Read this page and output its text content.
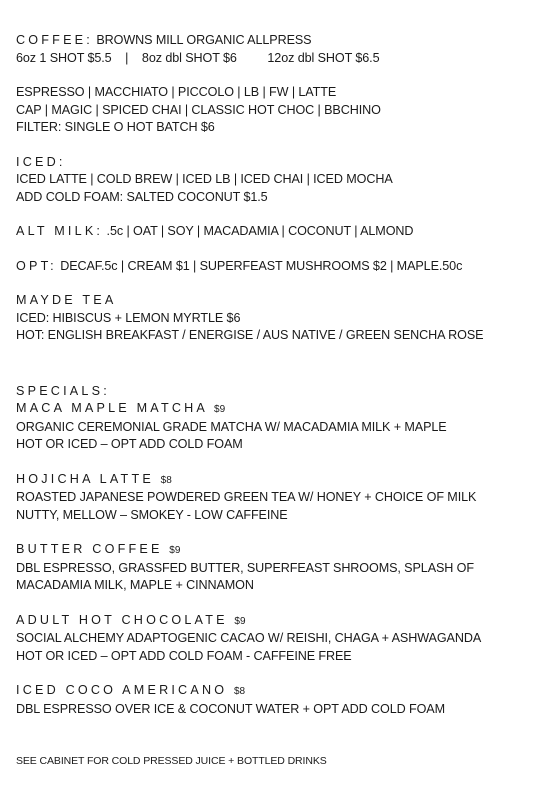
COFFEE: BROWNS MILL ORGANIC ALLPRESS
6oz 1 SHOT $5.5    |    8oz dbl SHOT $6         12oz dbl SHOT $6.5
ESPRESSO | MACCHIATO | PICCOLO | LB | FW | LATTE
CAP | MAGIC | SPICED CHAI | CLASSIC HOT CHOC | BBCHINO
FILTER: SINGLE O HOT BATCH $6
ICED:
ICED LATTE | COLD BREW | ICED LB | ICED CHAI | ICED MOCHA
ADD COLD FOAM: SALTED COCONUT $1.5
ALT MILK: .5c | OAT | SOY | MACADAMIA | COCONUT | ALMOND
OPT: DECAF.5c | CREAM $1 | SUPERFEAST MUSHROOMS $2 | MAPLE.50c
MAYDE TEA
ICED: HIBISCUS + LEMON MYRTLE $6
HOT: ENGLISH BREAKFAST / ENERGISE / AUS NATIVE / GREEN SENCHA ROSE
SPECIALS:
MACA MAPLE MATCHA $9
ORGANIC CEREMONIAL GRADE MATCHA W/ MACADAMIA MILK + MAPLE
HOT OR ICED – OPT ADD COLD FOAM
HOJICHA LATTE $8
ROASTED JAPANESE POWDERED GREEN TEA W/ HONEY + CHOICE OF MILK
NUTTY, MELLOW – SMOKEY - LOW CAFFEINE
BUTTER COFFEE $9
DBL ESPRESSO, GRASSFED BUTTER, SUPERFEAST SHROOMS, SPLASH OF
MACADAMIA MILK, MAPLE + CINNAMON
ADULT HOT CHOCOLATE $9
SOCIAL ALCHEMY ADAPTOGENIC CACAO W/ REISHI, CHAGA + ASHWAGANDA
HOT OR ICED – OPT ADD COLD FOAM - CAFFEINE FREE
ICED COCO AMERICANO $8
DBL ESPRESSO OVER ICE & COCONUT WATER + OPT ADD COLD FOAM
SEE CABINET FOR COLD PRESSED JUICE + BOTTLED DRINKS
